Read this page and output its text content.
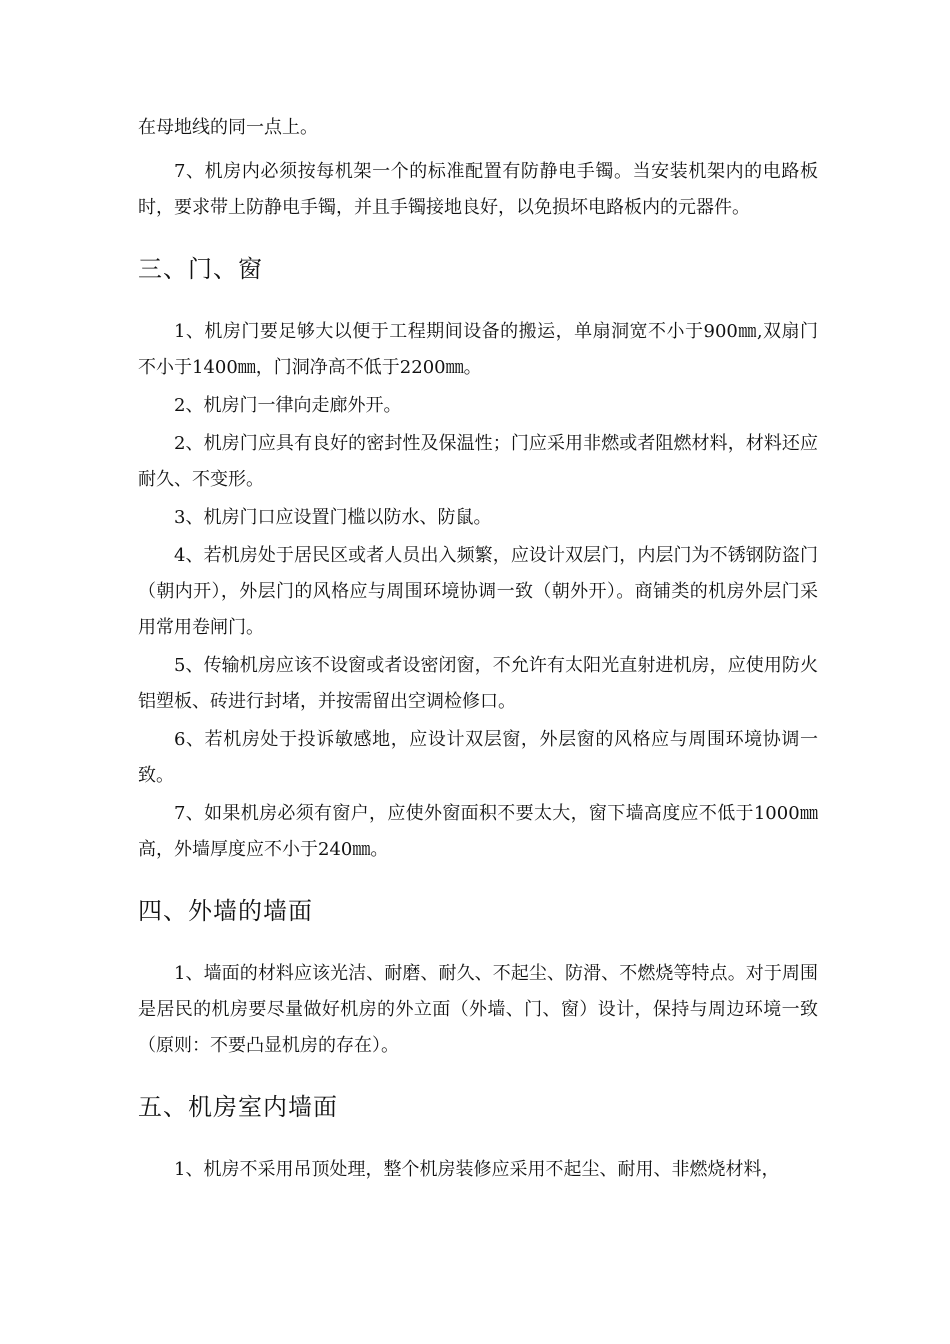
在母地线的同一点上。

7、机房内必须按每机架一个的标准配置有防静电手镯。当安装机架内的电路板时，要求带上防静电手镯，并且手镯接地良好，以免损坏电路板内的元器件。

三、门、窗

1、机房门要足够大以便于工程期间设备的搬运，单扇洞宽不小于900㎜,双扇门不小于1400㎜，门洞净高不低于2200㎜。

2、机房门一律向走廊外开。

2、机房门应具有良好的密封性及保温性；门应采用非燃或者阻燃材料，材料还应耐久、不变形。

3、机房门口应设置门槛以防水、防鼠。

4、若机房处于居民区或者人员出入频繁，应设计双层门，内层门为不锈钢防盗门（朝内开），外层门的风格应与周围环境协调一致（朝外开）。商铺类的机房外层门采用常用卷闸门。

5、传输机房应该不设窗或者设密闭窗，不允许有太阳光直射进机房，应使用防火铝塑板、砖进行封堵，并按需留出空调检修口。

6、若机房处于投诉敏感地，应设计双层窗，外层窗的风格应与周围环境协调一致。

7、如果机房必须有窗户，应使外窗面积不要太大，窗下墙高度应不低于1000㎜高，外墙厚度应不小于240㎜。

四、外墙的墙面

1、墙面的材料应该光洁、耐磨、耐久、不起尘、防滑、不燃烧等特点。对于周围是居民的机房要尽量做好机房的外立面（外墙、门、窗）设计，保持与周边环境一致（原则：不要凸显机房的存在）。

五、机房室内墙面

1、机房不采用吊顶处理，整个机房装修应采用不起尘、耐用、非燃烧材料，
